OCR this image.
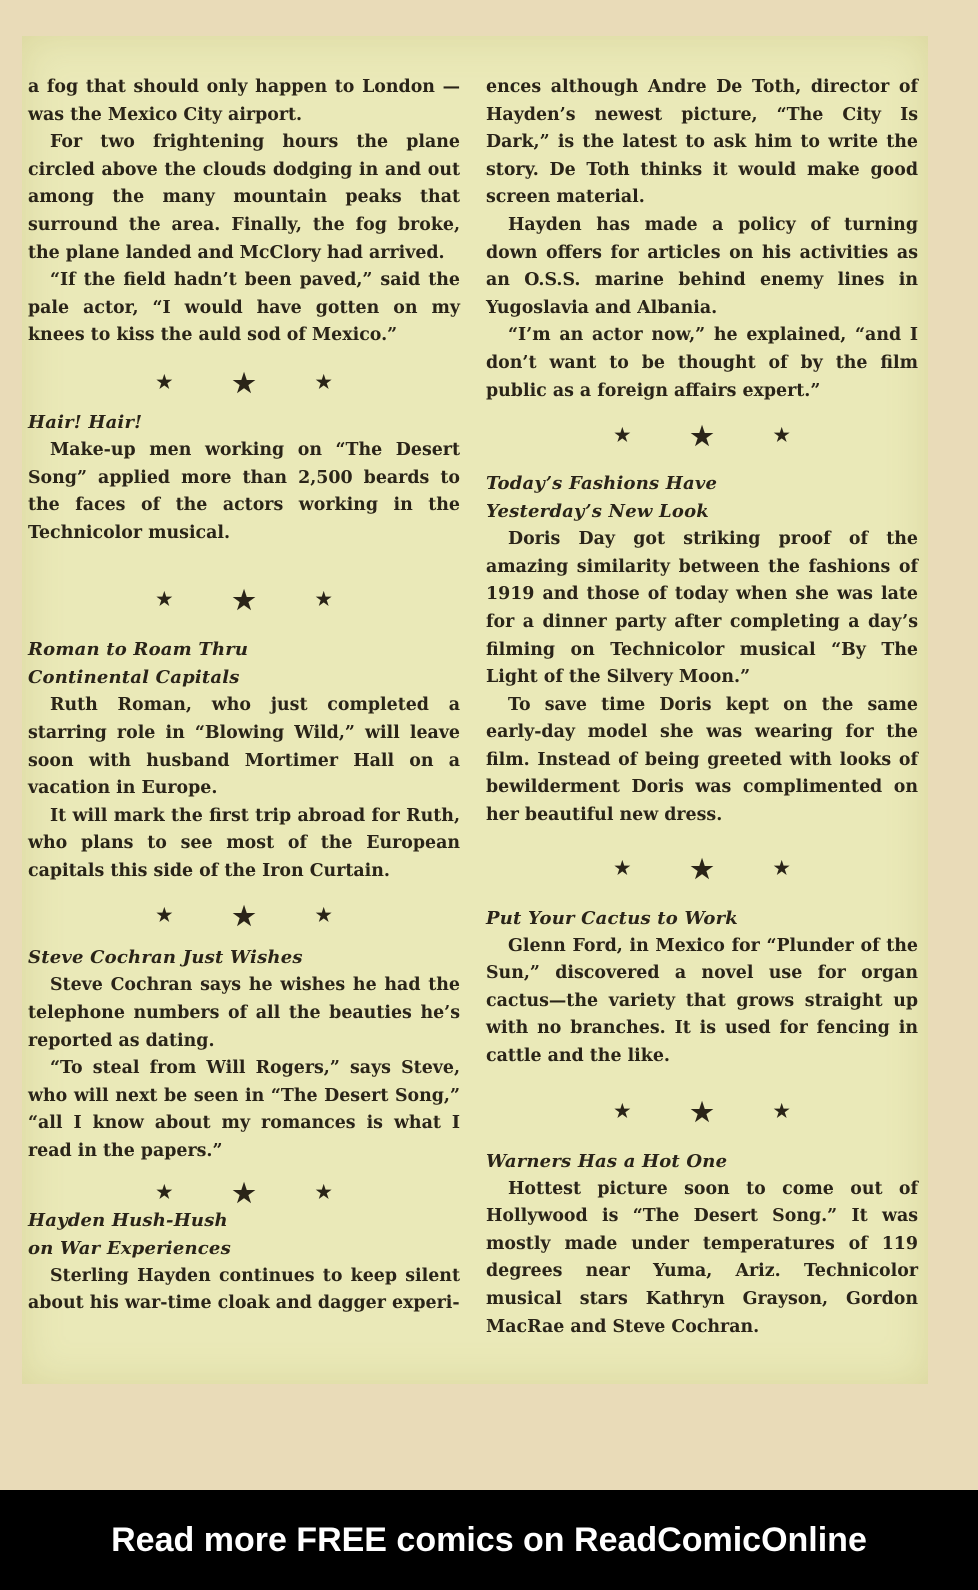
a fog that should only happen to London —was the Mexico City airport.

For two frightening hours the plane circled above the clouds dodging in and out among the many mountain peaks that surround the area. Finally, the fog broke, the plane landed and McClory had arrived.

“If the field hadn’t been paved,” said the pale actor, “I would have gotten on my knees to kiss the auld sod of Mexico.”

★ ★	★
Hair! Hair!

Make-up men working on “The Desert Song” applied more than 2,500 beards to the faces of the actors working in the Technicolor musical.

★ ★	★
Roman to Roam Thru
Continental Capitals

Ruth Roman, who just completed a starring role in “Blowing Wild,” will leave soon with husband Mortimer Hall on a vacation in Europe.

It will mark the first trip abroad for Ruth, who plans to see most of the European capitals this side of the Iron Curtain.

★ ★	★
Steve Cochran Just Wishes

Steve Cochran says he wishes he had the telephone numbers of all the beauties he’s reported as dating.

“To steal from Will Rogers,” says Steve, who will next be seen in “The Desert Song,” “all I know about my romances is what I read in the papers.”

★ ★	★
Hayden Hush-Hush
on War Experiences

Sterling Hayden continues to keep silent about his war-time cloak and dagger experi-

ences although Andre De Toth, director of Hayden’s newest picture, “The City Is Dark,” is the latest to ask him to write the story. De Toth thinks it would make good screen material.

Hayden has made a policy of turning down offers for articles on his activities as an O.S.S. marine behind enemy lines in Yugoslavia and Albania.

“I’m an actor now,” he explained, “and I don’t want to be thought of by the film public as a foreign affairs expert.”

★ ★	★
Today’s Fashions Have
Yesterday’s New Look

Doris Day got striking proof of the amazing similarity between the fashions of 1919 and those of today when she was late for a dinner party after completing a day’s filming on Technicolor musical “By The Light of the Silvery Moon.”

To save time Doris kept on the same early-day model she was wearing for the film. Instead of being greeted with looks of bewilderment Doris was complimented on her beautiful new dress.

★ ★	★
Put Your Cactus to Work

Glenn Ford, in Mexico for “Plunder of the Sun,” discovered a novel use for organ cactus—the variety that grows straight up with no branches. It is used for fencing in cattle and the like.

★ ★	★
Warners Has a Hot One

Hottest picture soon to come out of Hollywood is “The Desert Song.” It was mostly made under temperatures of 119 degrees near Yuma, Ariz. Technicolor musical stars Kathryn Grayson, Gordon MacRae and Steve Cochran.

Read more FREE comics on ReadComicOnline
